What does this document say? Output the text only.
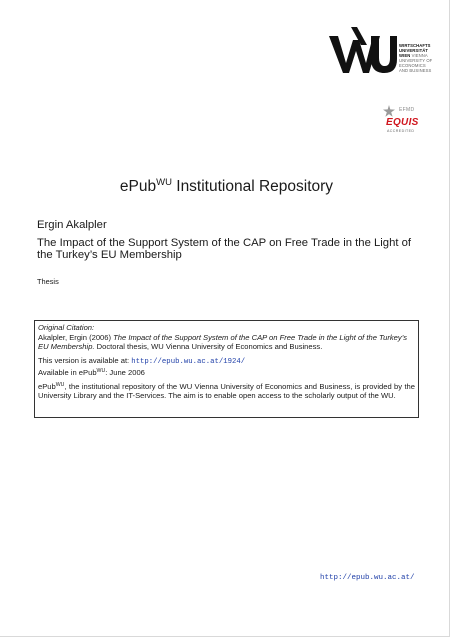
WIRTSCHAFTS
UNIVERSITÄT
WIEN VIENNA
UNIVERSITY OF
ECONOMICS
AND BUSINESS
EFMD
EQUIS
ACCREDITED
ePub$^{WU}$ Institutional Repository
Ergin Akalpler
The Impact of the Support System of the CAP on Free Trade in the Light of the Turkey’s EU Membership
Thesis

Original Citation:

Akalpler, Ergin (2006) The Impact of the Support System of the CAP on Free Trade in the Light of the Turkey’s EU Membership. Doctoral thesis, WU Vienna University of Economics and Business.

This version is available at: http://epub.wu.ac.at/1924/

Available in ePub$^{WU}$: June 2006

ePub$^{WU}$, the institutional repository of the WU Vienna University of Economics and Business, is provided by the University Library and the IT-Services. The aim is to enable open access to the scholarly output of the WU.

http://epub.wu.ac.at/
